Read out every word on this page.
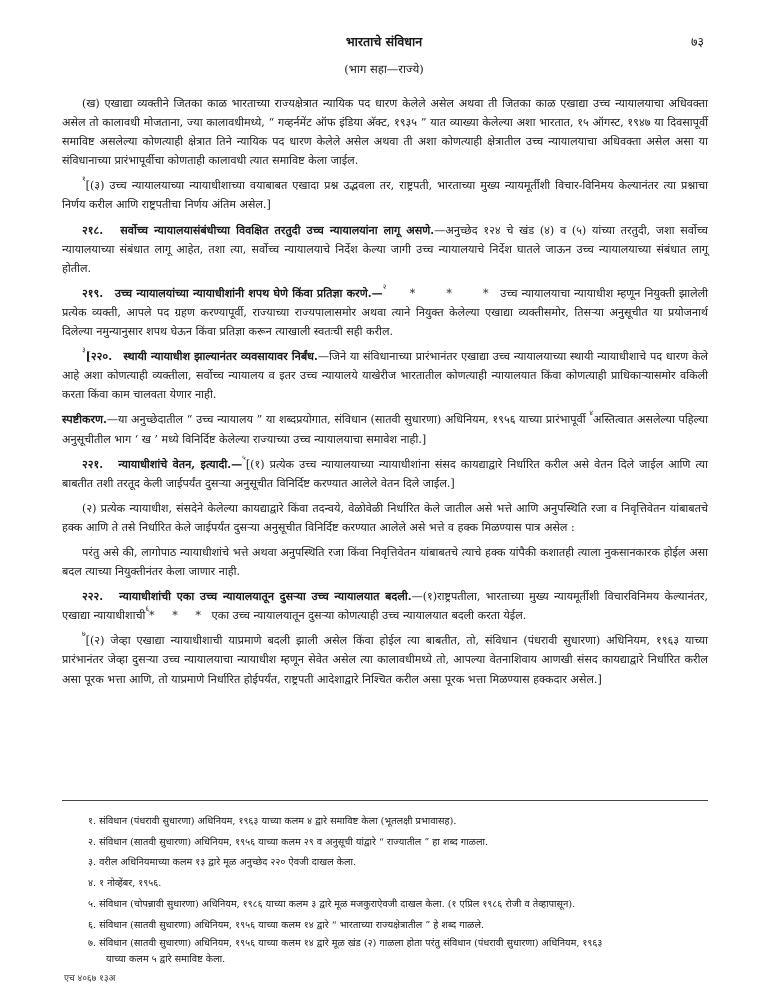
भारताचे संविधान	७३
(भाग सहा—राज्ये)

(ख) एखाद्या व्यक्तीने जितका काळ भारताच्या राज्यक्षेत्रात न्यायिक पद धारण केलेले असेल अथवा ती जितका काळ एखाद्या उच्च न्यायालयाचा अधिवक्ता असेल तो कालावधी मोजताना, ज्या कालावधीमध्ये, “ गव्हर्नमेंट ऑफ इंडिया अ‍ॅक्ट, १९३५ ” यात व्याख्या केलेल्या अशा भारतात, १५ ऑगस्ट, १९४७ या दिवसापूर्वी समाविष्ट असलेल्या कोणत्याही क्षेत्रात तिने न्यायिक पद धारण केलेले असेल अथवा ती अशा कोणत्याही क्षेत्रातील उच्च न्यायालयाचा अधिवक्ता असेल असा या संविधानाच्या प्रारंभापूर्वीचा कोणताही कालावधी त्यात समाविष्ट केला जाईल.

$^१$[(३) उच्च न्यायालयाच्या न्यायाधीशाच्या वयाबाबत एखादा प्रश्न उद्भवला तर, राष्ट्रपती, भारताच्या मुख्य न्यायमूर्तीशी विचार-विनिमय केल्यानंतर त्या प्रश्नाचा निर्णय करील आणि राष्ट्रपतीचा निर्णय अंतिम असेल.]

२१८. सर्वोच्च न्यायालयासंबंधीच्या विवक्षित तरतुदी उच्च न्यायालयांना लागू असणे.—अनुच्छेद १२४ चे खंड (४) व (५) यांच्या तरतुदी, जशा सर्वोच्च न्यायालयाच्या संबंधात लागू आहेत, तशा त्या, सर्वोच्च न्यायालयाचे निर्देश केल्या जागी उच्च न्यायालयाचे निर्देश घातले जाऊन उच्च न्यायालयाच्या संबंधात लागू होतील.

२१९. उच्च न्यायालयांच्या न्यायाधीशांनी शपथ घेणे किंवा प्रतिज्ञा करणे.—$^२$ *        *        * उच्च न्यायालयाचा न्यायाधीश म्हणून नियुक्ती झालेली प्रत्येक व्यक्ती, आपले पद ग्रहण करण्यापूर्वी, राज्याच्या राज्यपालासमोर अथवा त्याने नियुक्त केलेल्या एखाद्या व्यक्तीसमोर, तिसऱ्या अनुसूचीत या प्रयोजनार्थ दिलेल्या नमुन्यानुसार शपथ घेऊन किंवा प्रतिज्ञा करून त्याखाली स्वतःची सही करील.

$^३$[२२०. स्थायी न्यायाधीश झाल्यानंतर व्यवसायावर निर्बंध.—जिने या संविधानाच्या प्रारंभानंतर एखाद्या उच्च न्यायालयाच्या स्थायी न्यायाधीशाचे पद धारण केले आहे अशा कोणत्याही व्यक्तीला, सर्वोच्च न्यायालय व इतर उच्च न्यायालये याखेरीज भारतातील कोणत्याही न्यायालयात किंवा कोणत्याही प्राधिकाऱ्यासमोर वकिली करता किंवा काम चालवता येणार नाही.

स्पष्टीकरण.—या अनुच्छेदातील “ उच्च न्यायालय ” या शब्दप्रयोगात, संविधान (सातवी सुधारणा) अधिनियम, १९५६ याच्या प्रारंभापूर्वी $^४$अस्तित्वात असलेल्या पहिल्या अनुसूचीतील भाग ‘ ख ’ मध्ये विनिर्दिष्ट केलेल्या राज्याच्या उच्च न्यायालयाचा समावेश नाही.]

२२१. न्यायाधीशांचे वेतन, इत्यादी.—$^५$[(१) प्रत्येक उच्च न्यायालयाच्या न्यायाधीशांना संसद कायद्याद्वारे निर्धारित करील असे वेतन दिले जाईल आणि त्या बाबतीत तशी तरतूद केली जाईपर्यंत दुसऱ्या अनुसूचीत विनिर्दिष्ट करण्यात आलेले वेतन दिले जाईल.]

(२) प्रत्येक न्यायाधीश, संसदेने केलेल्या कायद्याद्वारे किंवा तदन्वये, वेळोवेळी निर्धारित केले जातील असे भत्ते आणि अनुपस्थिति रजा व निवृत्तिवेतन यांबाबतचे हक्क आणि ते तसे निर्धारित केले जाईपर्यंत दुसऱ्या अनुसूचीत विनिर्दिष्ट करण्यात आलेले असे भत्ते व हक्क मिळण्यास पात्र असेल :

परंतु असे की, लागोपाठ न्यायाधीशांचे भत्ते अथवा अनुपस्थिति रजा किंवा निवृत्तिवेतन यांबाबतचे त्याचे हक्क यांपैकी कशातही त्याला नुकसानकारक होईल असा बदल त्याच्या नियुक्तीनंतर केला जाणार नाही.

२२२. न्यायाधीशांची एका उच्च न्यायालयातून दुसऱ्या उच्च न्यायालयात बदली.—(१)राष्ट्रपतीला, भारताच्या मुख्य न्यायमूर्तीशी विचारविनिमय केल्यानंतर, एखाद्या न्यायाधीशाची$^६$*     *     * एका उच्च न्यायालयातून दुसऱ्या कोणत्याही उच्च न्यायालयात बदली करता येईल.

$^७$[(२) जेव्हा एखाद्या न्यायाधीशाची याप्रमाणे बदली झाली असेल किंवा होईल त्या बाबतीत, तो, संविधान (पंधरावी सुधारणा) अधिनियम, १९६३ याच्या प्रारंभानंतर जेव्हा दुसऱ्या उच्च न्यायालयाचा न्यायाधीश म्हणून सेवेत असेल त्या कालावधीमध्ये तो, आपल्या वेतनाशिवाय आणखी संसद कायद्याद्वारे निर्धारित करील असा पूरक भत्ता आणि, तो याप्रमाणे निर्धारित होईपर्यंत, राष्ट्रपती आदेशाद्वारे निश्चित करील असा पूरक भत्ता मिळण्यास हक्कदार असेल.]

१. संविधान (पंधरावी सुधारणा) अधिनियम, १९६३ याच्या कलम ४ द्वारे समाविष्ट केला (भूतलक्षी प्रभावासह).
२. संविधान (सातवी सुधारणा) अधिनियम, १९५६ याच्या कलम २९ व अनुसूची यांद्वारे “ राज्यातील ” हा शब्द गाळला.
३. वरील अधिनियमाच्या कलम १३ द्वारे मूळ अनुच्छेद २२० ऐवजी दाखल केला.
४. १ नोव्हेंबर, १९५६.
५. संविधान (चोपन्नावी सुधारणा) अधिनियम, १९८६ याच्या कलम ३ द्वारे मूळ मजकुराऐवजी दाखल केला. (१ एप्रिल १९८६ रोजी व तेव्हापासून).
६. संविधान (सातवी सुधारणा) अधिनियम, १९५६ याच्या कलम १४ द्वारे “ भारताच्या राज्यक्षेत्रातील ” हे शब्द गाळले.
७. संविधान (सातवी सुधारणा) अधिनियम, १९५६ याच्या कलम १४ द्वारे मूळ खंड (२) गाळला होता परंतु संविधान (पंधरावी सुधारणा) अधिनियम, १९६३
याच्या कलम ५ द्वारे समाविष्ट केला.
एच ४०६७ १३अ
